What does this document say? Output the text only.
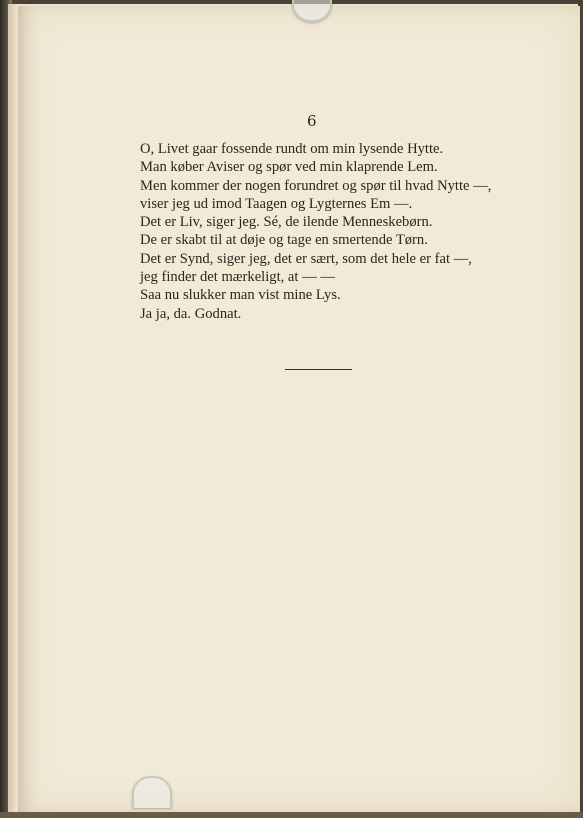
6
O, Livet gaar fossende rundt om min lysende Hytte.
Man køber Aviser og spør ved min klaprende Lem.
Men kommer der nogen forundret og spør til hvad Nytte —,
viser jeg ud imod Taagen og Lygternes Em —.
Det er Liv, siger jeg. Sé, de ilende Menneskebørn.
De er skabt til at døje og tage en smertende Tørn.
Det er Synd, siger jeg, det er sært, som det hele er fat —,
jeg finder det mærkeligt, at — —
Saa nu slukker man vist mine Lys.
Ja ja, da. Godnat.
